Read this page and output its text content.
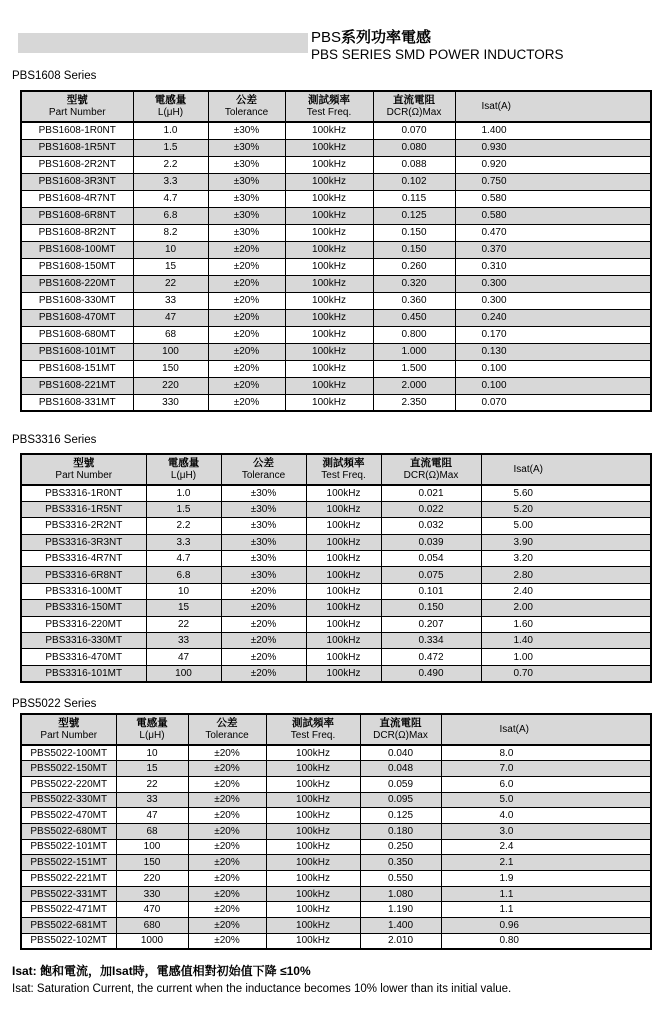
PBS系列功率電感
PBS SERIES SMD POWER INDUCTORS
PBS1608 Series
型號
Part Number

電感量
L(μH)

公差
Tolerance

測試頻率
Test Freq.

直流電阻
DCR(Ω)Max

Isat(A)

PBS1608-1R0NT	1.0	±30%	100kHz	0.070	1.400
PBS1608-1R5NT	1.5	±30%	100kHz	0.080	0.930
PBS1608-2R2NT	2.2	±30%	100kHz	0.088	0.920
PBS1608-3R3NT	3.3	±30%	100kHz	0.102	0.750
PBS1608-4R7NT	4.7	±30%	100kHz	0.115	0.580
PBS1608-6R8NT	6.8	±30%	100kHz	0.125	0.580
PBS1608-8R2NT	8.2	±30%	100kHz	0.150	0.470
PBS1608-100MT	10	±20%	100kHz	0.150	0.370
PBS1608-150MT	15	±20%	100kHz	0.260	0.310
PBS1608-220MT	22	±20%	100kHz	0.320	0.300
PBS1608-330MT	33	±20%	100kHz	0.360	0.300
PBS1608-470MT	47	±20%	100kHz	0.450	0.240
PBS1608-680MT	68	±20%	100kHz	0.800	0.170
PBS1608-101MT	100	±20%	100kHz	1.000	0.130
PBS1608-151MT	150	±20%	100kHz	1.500	0.100
PBS1608-221MT	220	±20%	100kHz	2.000	0.100
PBS1608-331MT	330	±20%	100kHz	2.350	0.070
PBS3316 Series
型號
Part Number

電感量
L(μH)

公差
Tolerance

測試頻率
Test Freq.

直流電阻
DCR(Ω)Max

Isat(A)

PBS3316-1R0NT	1.0	±30%	100kHz	0.021	5.60
PBS3316-1R5NT	1.5	±30%	100kHz	0.022	5.20
PBS3316-2R2NT	2.2	±30%	100kHz	0.032	5.00
PBS3316-3R3NT	3.3	±30%	100kHz	0.039	3.90
PBS3316-4R7NT	4.7	±30%	100kHz	0.054	3.20
PBS3316-6R8NT	6.8	±30%	100kHz	0.075	2.80
PBS3316-100MT	10	±20%	100kHz	0.101	2.40
PBS3316-150MT	15	±20%	100kHz	0.150	2.00
PBS3316-220MT	22	±20%	100kHz	0.207	1.60
PBS3316-330MT	33	±20%	100kHz	0.334	1.40
PBS3316-470MT	47	±20%	100kHz	0.472	1.00
PBS3316-101MT	100	±20%	100kHz	0.490	0.70
PBS5022 Series
型號
Part Number

電感量
L(μH)

公差
Tolerance

測試頻率
Test Freq.

直流電阻
DCR(Ω)Max

Isat(A)

PBS5022-100MT	10	±20%	100kHz	0.040	8.0
PBS5022-150MT	15	±20%	100kHz	0.048	7.0
PBS5022-220MT	22	±20%	100kHz	0.059	6.0
PBS5022-330MT	33	±20%	100kHz	0.095	5.0
PBS5022-470MT	47	±20%	100kHz	0.125	4.0
PBS5022-680MT	68	±20%	100kHz	0.180	3.0
PBS5022-101MT	100	±20%	100kHz	0.250	2.4
PBS5022-151MT	150	±20%	100kHz	0.350	2.1
PBS5022-221MT	220	±20%	100kHz	0.550	1.9
PBS5022-331MT	330	±20%	100kHz	1.080	1.1
PBS5022-471MT	470	±20%	100kHz	1.190	1.1
PBS5022-681MT	680	±20%	100kHz	1.400	0.96
PBS5022-102MT	1000	±20%	100kHz	2.010	0.80
Isat: 飽和電流，加Isat時，電感值相對初始值下降 ≤10%
Isat: Saturation Current, the current when the inductance becomes 10% lower than its initial value.
